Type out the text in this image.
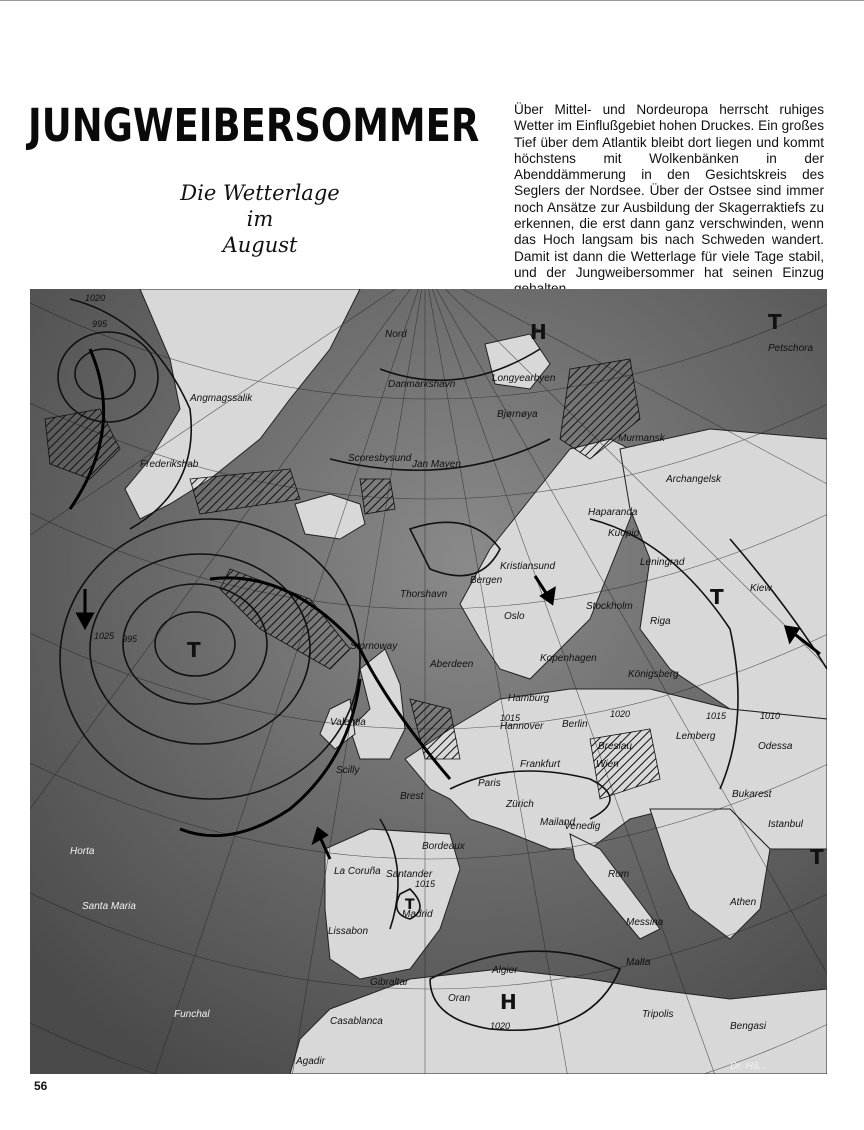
JUNGWEIBERSOMMER
Die Wetterlage
im
August

Über Mittel- und Nordeuropa herrscht ruhiges Wetter im Einflußgebiet hohen Druckes. Ein großes Tief über dem Atlantik bleibt dort liegen und kommt höchstens mit Wolkenbänken in der Abenddämmerung in den Gesichtskreis des Seglers der Nordsee. Über der Ostsee sind immer noch Ansätze zur Ausbildung der Skagerraktiefs zu erkennen, die erst dann ganz verschwinden, wenn das Hoch langsam bis nach Schweden wandert. Damit ist dann die Wetterlage für viele Tage stabil, und der Jungweibersommer hat seinen Einzug

T
H
H
T
T
T
T
995
995
1020
1015
1015
1020
1015
1025
1010
1020
Nord
Danmarkshavn
Angmagssalik
Frederikshab
Scoresbysund
Jan Mayen
Longyearbyen
Bjørnøya
Murmansk
Archangelsk
Haparanda
Kuopio
Leningrad
Stockholm
Oslo
Bergen
Kristiansund
Thorshavn
Stornoway
Aberdeen
Valentia
Scilly
Brest
Paris
Bordeaux
Zürich
Berlin
Hamburg
Hannover
Kopenhagen
Königsberg
Breslau
Frankfurt
Riga
Lemberg
Odessa
Bukarest
Istanbul
Wien
Venedig
Mailand
Rom
Messina
Malta
Tripolis
Bengasi
Algier
Oran
Gibraltar
Lissabon
Madrid
Santander
La Coruña
Horta
Santa Maria
Funchal
Casablanca
Agadir
Athen
Kiew
Petschora
Dr. Hä...
56
